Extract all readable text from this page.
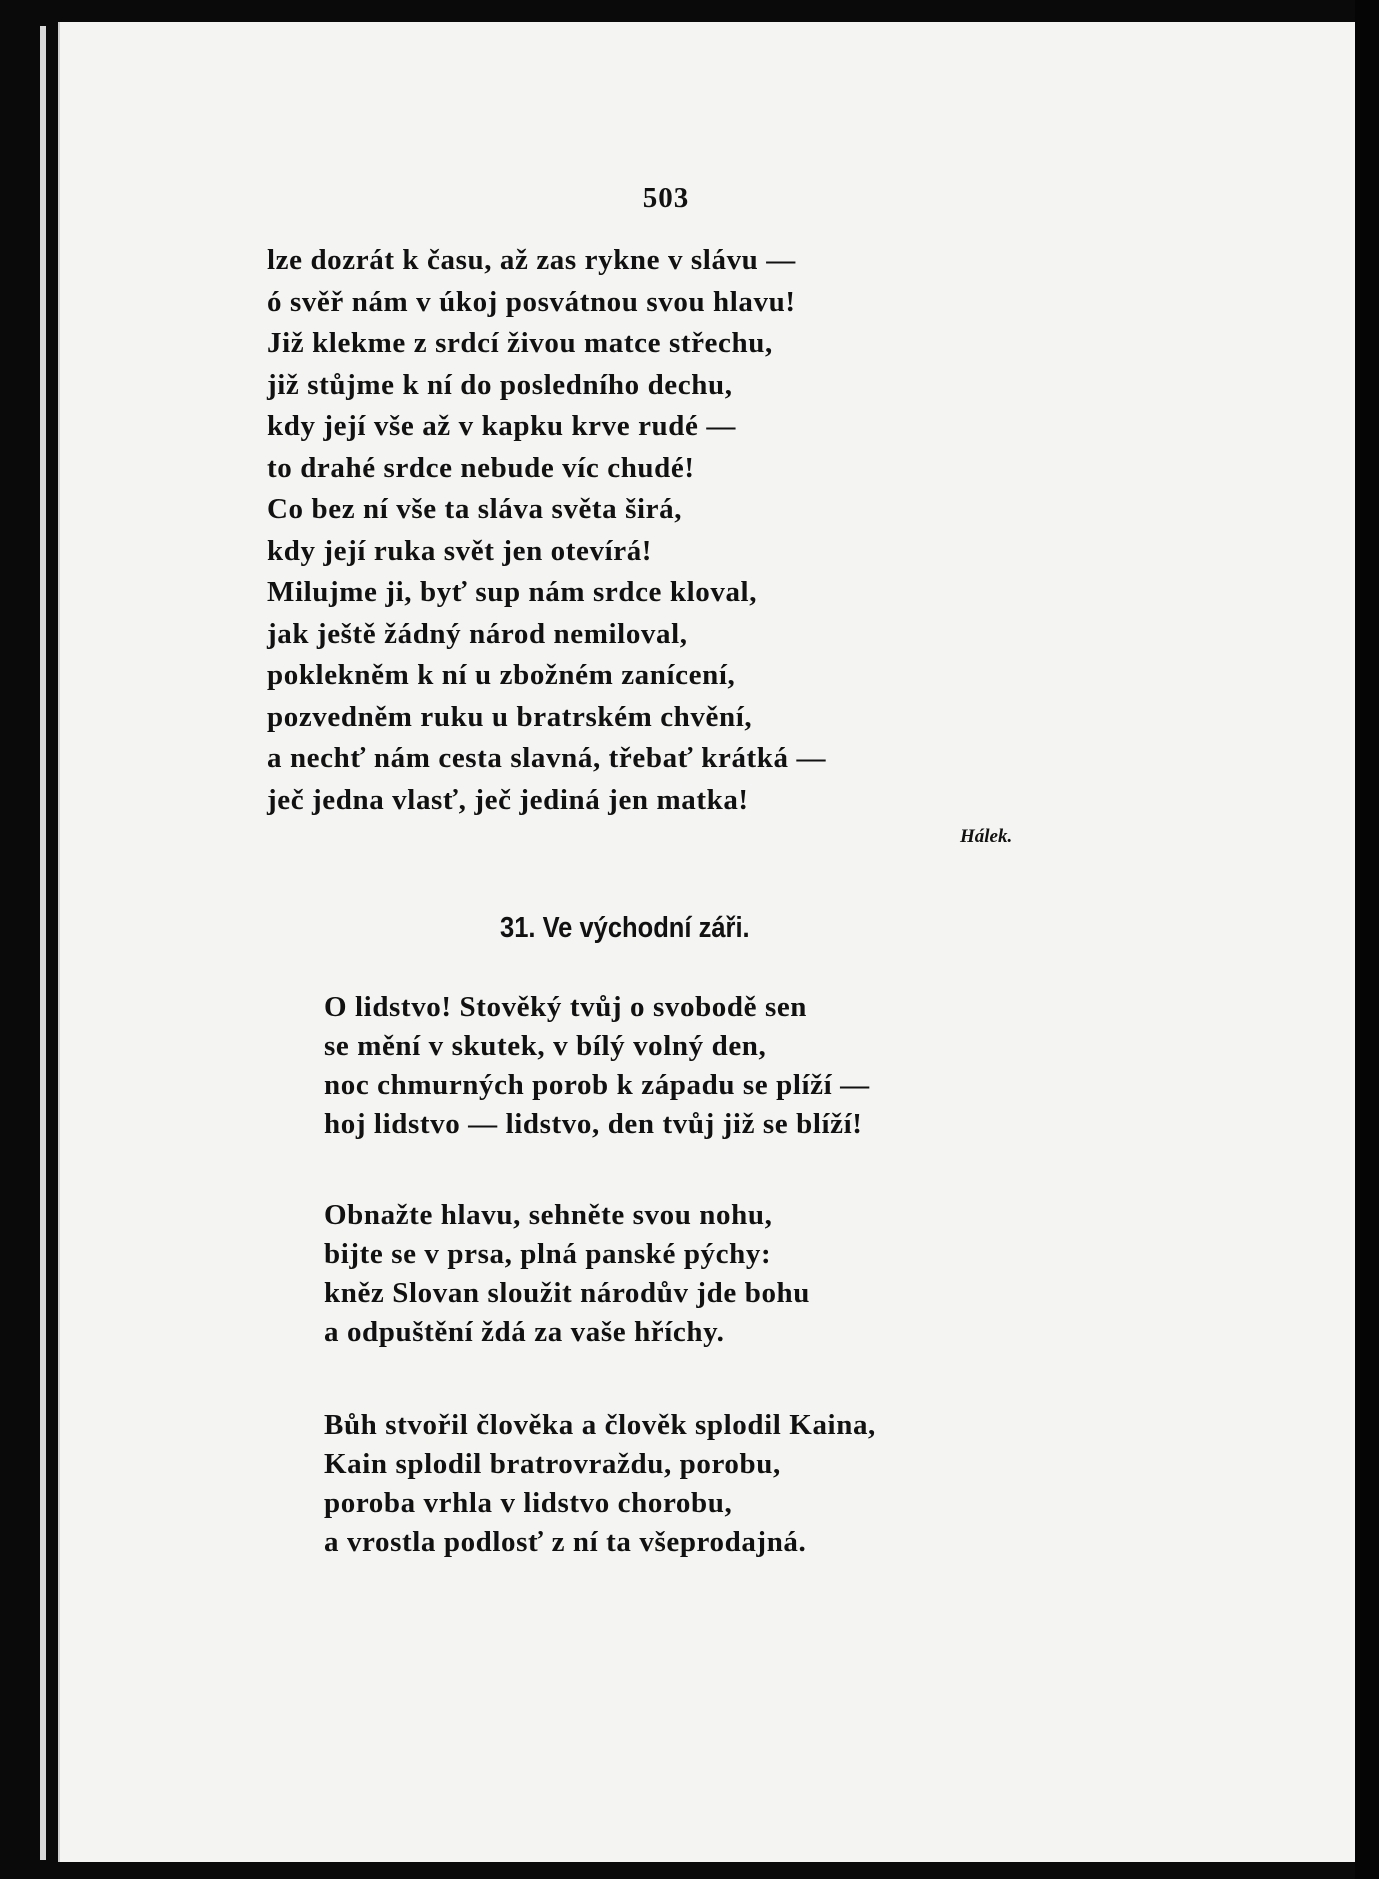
503
lze dozrát k času, až zas rykne v slávu —
ó svěř nám v úkoj posvátnou svou hlavu!
Již klekme z srdcí živou matce střechu,
již stůjme k ní do posledního dechu,
kdy její vše až v kapku krve rudé —
to drahé srdce nebude víc chudé!
Co bez ní vše ta sláva světa širá,
kdy její ruka svět jen otevírá!
Milujme ji, byť sup nám srdce kloval,
jak ještě žádný národ nemiloval,
poklekněm k ní u zbožném zanícení,
pozvedněm ruku u bratrském chvění,
a nechť nám cesta slavná, třebať krátká —
ječ jedna vlasť, ječ jediná jen matka!
Hálek.
31. Ve východní záři.
O lidstvo! Stověký tvůj o svobodě sen
se mění v skutek, v bílý volný den,
noc chmurných porob k západu se plíží —
hoj lidstvo — lidstvo, den tvůj již se blíží!
Obnažte hlavu, sehněte svou nohu,
bijte se v prsa, plná panské pýchy:
kněz Slovan sloužit národův jde bohu
a odpuštění ždá za vaše hříchy.
Bůh stvořil člověka a člověk splodil Kaina,
Kain splodil bratrovraždu, porobu,
poroba vrhla v lidstvo chorobu,
a vrostla podlosť z ní ta všeprodajná.
